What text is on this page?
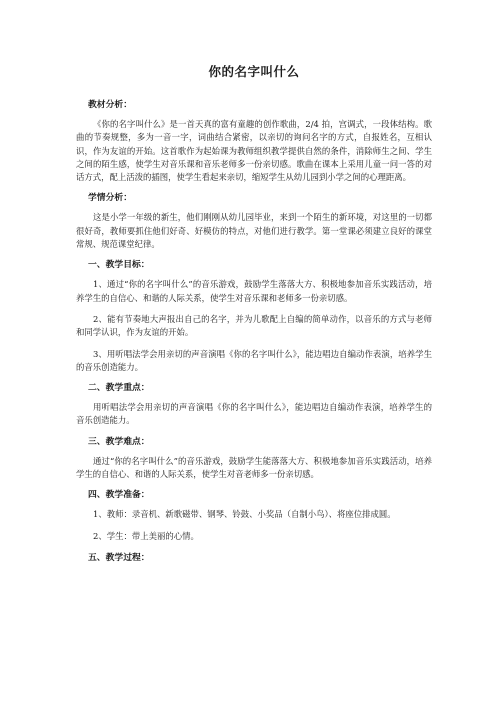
你的名字叫什么
教材分析：

《你的名字叫什么》是一首天真的富有童趣的创作歌曲，2/4 拍，宫调式，一段体结构。歌曲的节奏规整，多为一音一字，词曲结合紧密，以亲切的询问名字的方式，自报姓名，互相认识，作为友谊的开始。这首歌作为起始课为教师组织教学提供自然的条件，消除师生之间、学生之间的陌生感，使学生对音乐课和音乐老师多一份亲切感。歌曲在课本上采用儿童一问一答的对话方式，配上活泼的插图，使学生看起来亲切，缩短学生从幼儿园到小学之间的心理距离。

学情分析：

这是小学一年级的新生，他们刚刚从幼儿园毕业，来到一个陌生的新环境，对这里的一切都很好奇，教师要抓住他们好奇、好模仿的特点，对他们进行教学。第一堂课必须建立良好的课堂常规、规范课堂纪律。

一、教学目标：

1、通过“你的名字叫什么”的音乐游戏，鼓励学生落落大方、积极地参加音乐实践活动，培养学生的自信心、和谐的人际关系，使学生对音乐课和老师多一份亲切感。

2、能有节奏地大声报出自己的名字，并为儿歌配上自编的简单动作，以音乐的方式与老师和同学认识，作为友谊的开始。

3、用听唱法学会用亲切的声音演唱《你的名字叫什么》，能边唱边自编动作表演，培养学生的音乐创造能力。

二、教学重点：

用听唱法学会用亲切的声音演唱《你的名字叫什么》，能边唱边自编动作表演，培养学生的音乐创造能力。

三、教学难点：

通过“你的名字叫什么”的音乐游戏，鼓励学生能落落大方、积极地参加音乐实践活动，培养学生的自信心、和谐的人际关系，使学生对音老师多一份亲切感。

四、教学准备：

1、教师：录音机、新歌磁带、钢琴、铃鼓、小奖品（自制小鸟）、将座位排成圆。

2、学生：带上美丽的心情。

五、教学过程：
